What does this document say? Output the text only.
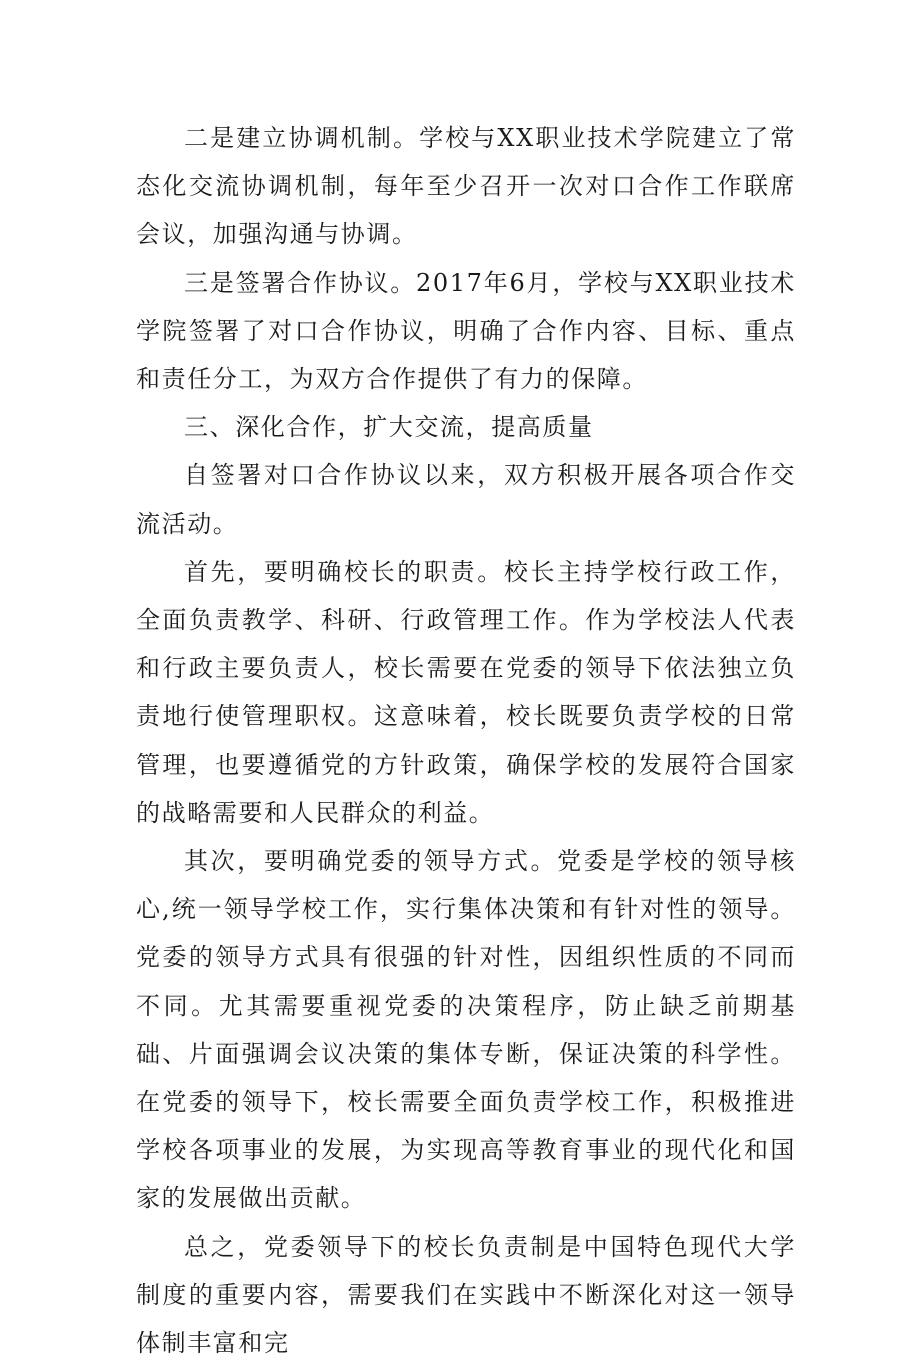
二是建立协调机制。学校与XX职业技术学院建立了常态化交流协调机制，每年至少召开一次对口合作工作联席会议，加强沟通与协调。

三是签署合作协议。2017年6月，学校与XX职业技术学院签署了对口合作协议，明确了合作内容、目标、重点和责任分工，为双方合作提供了有力的保障。

三、深化合作，扩大交流，提高质量

自签署对口合作协议以来，双方积极开展各项合作交流活动。

首先，要明确校长的职责。校长主持学校行政工作，全面负责教学、科研、行政管理工作。作为学校法人代表和行政主要负责人，校长需要在党委的领导下依法独立负责地行使管理职权。这意味着，校长既要负责学校的日常管理，也要遵循党的方针政策，确保学校的发展符合国家的战略需要和人民群众的利益。

其次，要明确党委的领导方式。党委是学校的领导核心,统一领导学校工作，实行集体决策和有针对性的领导。党委的领导方式具有很强的针对性，因组织性质的不同而不同。尤其需要重视党委的决策程序，防止缺乏前期基础、片面强调会议决策的集体专断，保证决策的科学性。在党委的领导下，校长需要全面负责学校工作，积极推进学校各项事业的发展，为实现高等教育事业的现代化和国家的发展做出贡献。

总之，党委领导下的校长负责制是中国特色现代大学制度的重要内容，需要我们在实践中不断深化对这一领导体制丰富和完
